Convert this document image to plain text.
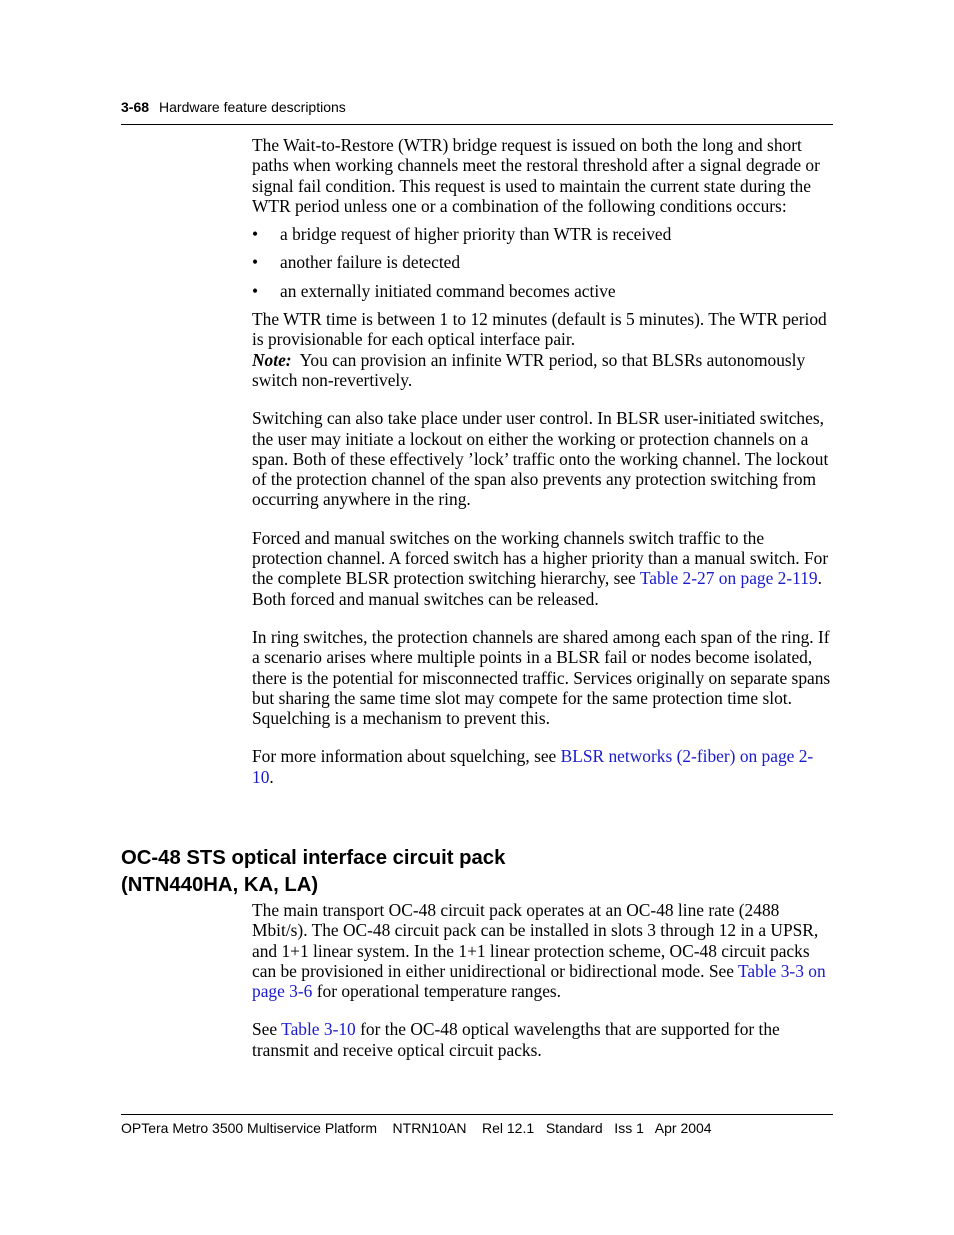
3-68 Hardware feature descriptions

The Wait-to-Restore (WTR) bridge request is issued on both the long and short paths when working channels meet the restoral threshold after a signal degrade or signal fail condition. This request is used to maintain the current state during the WTR period unless one or a combination of the following conditions occurs:

• a bridge request of higher priority than WTR is received
• another failure is detected
• an externally initiated command becomes active

The WTR time is between 1 to 12 minutes (default is 5 minutes). The WTR period is provisionable for each optical interface pair.

Note: You can provision an infinite WTR period, so that BLSRs autonomously switch non-revertively.

Switching can also take place under user control. In BLSR user-initiated switches, the user may initiate a lockout on either the working or protection channels on a span. Both of these effectively ’lock’ traffic onto the working channel. The lockout of the protection channel of the span also prevents any protection switching from occurring anywhere in the ring.

Forced and manual switches on the working channels switch traffic to the protection channel. A forced switch has a higher priority than a manual switch. For the complete BLSR protection switching hierarchy, see Table 2-27 on page 2-119. Both forced and manual switches can be released.

In ring switches, the protection channels are shared among each span of the ring. If a scenario arises where multiple points in a BLSR fail or nodes become isolated, there is the potential for misconnected traffic. Services originally on separate spans but sharing the same time slot may compete for the same protection time slot. Squelching is a mechanism to prevent this.

For more information about squelching, see BLSR networks (2-fiber) on page 2-10.

OC-48 STS optical interface circuit pack
(NTN440HA, KA, LA)

The main transport OC-48 circuit pack operates at an OC-48 line rate (2488 Mbit/s). The OC-48 circuit pack can be installed in slots 3 through 12 in a UPSR, and 1+1 linear system. In the 1+1 linear protection scheme, OC-48 circuit packs can be provisioned in either unidirectional or bidirectional mode. See Table 3-3 on page 3-6 for operational temperature ranges.

See Table 3-10 for the OC-48 optical wavelengths that are supported for the transmit and receive optical circuit packs.

OPTera Metro 3500 Multiservice Platform    NTRN10AN    Rel 12.1   Standard   Iss 1   Apr 2004
